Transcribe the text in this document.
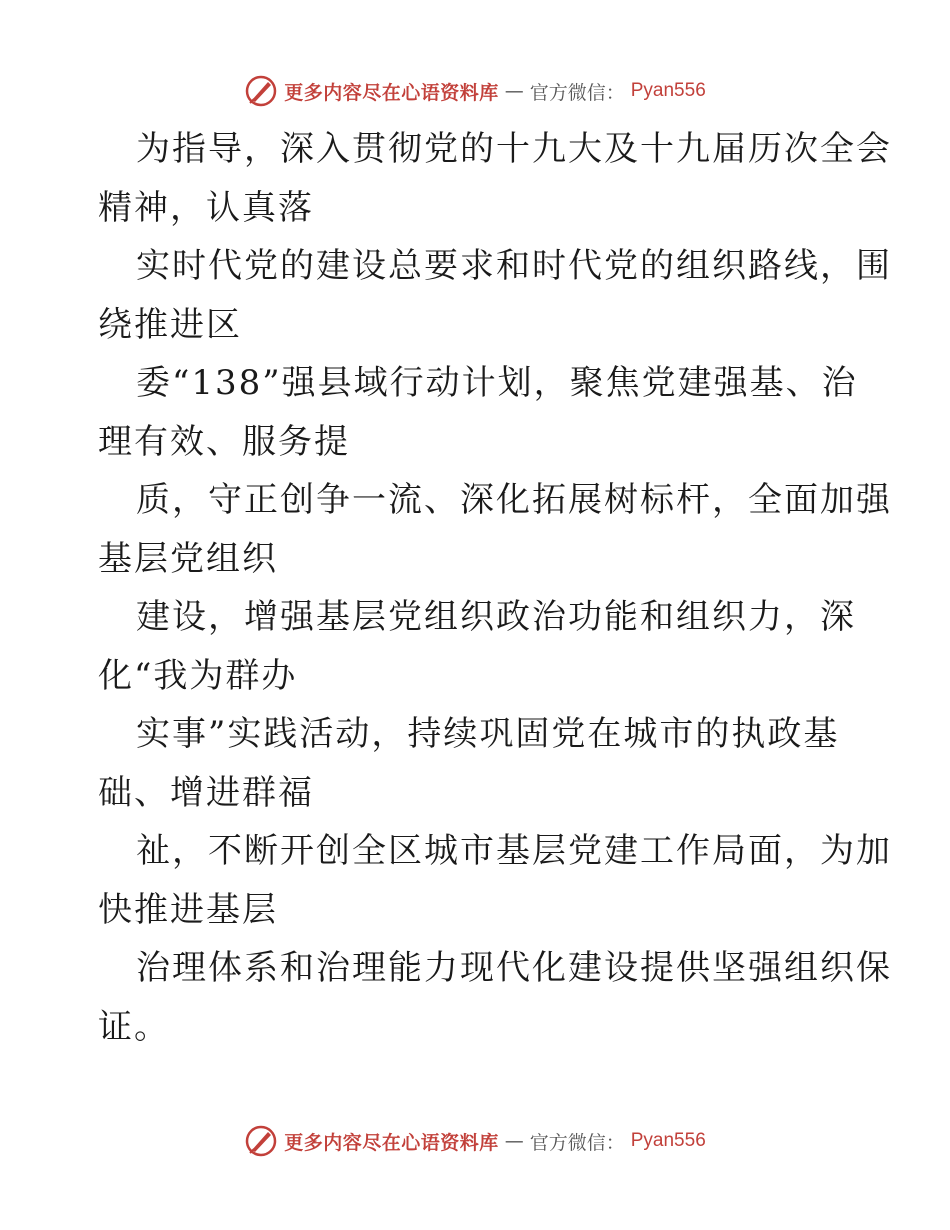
更多内容尽在心语资料库 — 官方微信： Pyan556
为指导，深入贯彻党的十九大及十九届历次全会
精神，认真落
实时代党的建设总要求和时代党的组织路线，围
绕推进区
委“138”强县域行动计划，聚焦党建强基、治
理有效、服务提
质，守正创争一流、深化拓展树标杆，全面加强
基层党组织
建设，增强基层党组织政治功能和组织力，深
化“我为群办
实事”实践活动，持续巩固党在城市的执政基
础、增进群福
祉，不断开创全区城市基层党建工作局面，为加
快推进基层
治理体系和治理能力现代化建设提供坚强组织保
证。
更多内容尽在心语资料库 — 官方微信： Pyan556
